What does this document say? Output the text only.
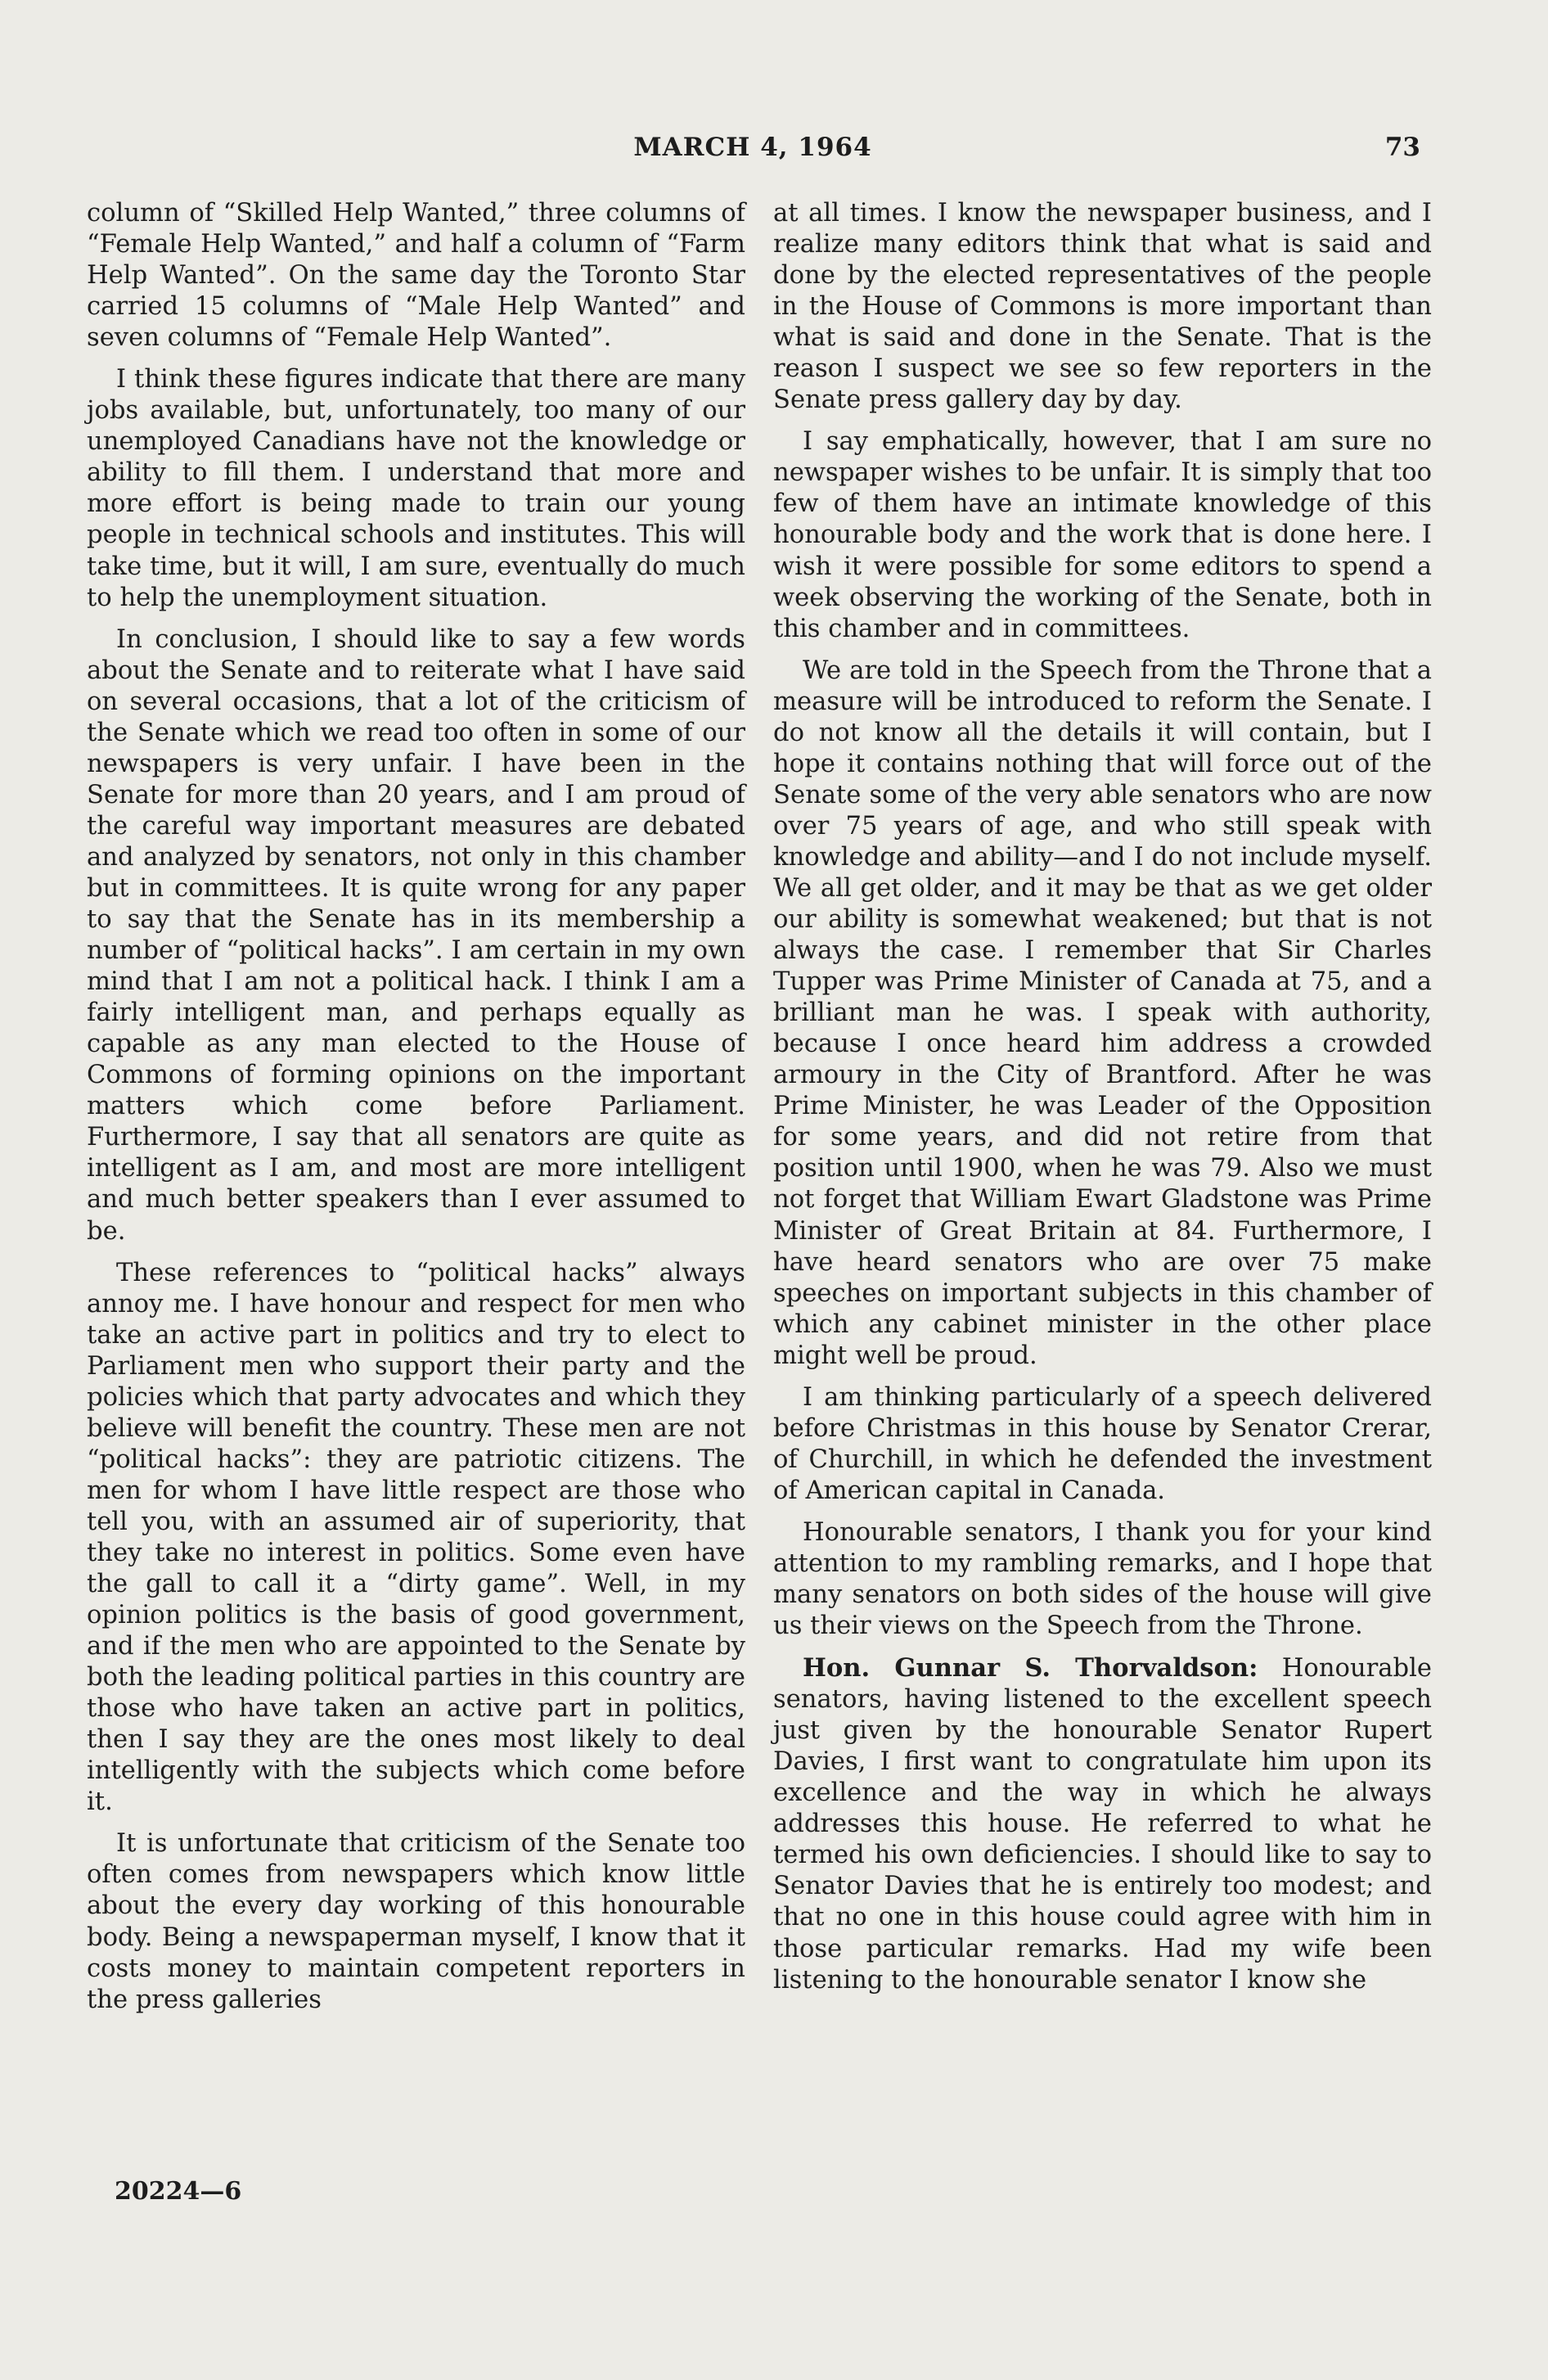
MARCH 4, 1964	73

column of “Skilled Help Wanted,” three columns of “Female Help Wanted,” and half a column of “Farm Help Wanted”. On the same day the Toronto Star carried 15 columns of “Male Help Wanted” and seven columns of “Female Help Wanted”.

I think these figures indicate that there are many jobs available, but, unfortunately, too many of our unemployed Canadians have not the knowledge or ability to fill them. I understand that more and more effort is being made to train our young people in technical schools and institutes. This will take time, but it will, I am sure, eventually do much to help the unemployment situation.

In conclusion, I should like to say a few words about the Senate and to reiterate what I have said on several occasions, that a lot of the criticism of the Senate which we read too often in some of our newspapers is very unfair. I have been in the Senate for more than 20 years, and I am proud of the careful way important measures are debated and analyzed by senators, not only in this chamber but in committees. It is quite wrong for any paper to say that the Senate has in its membership a number of “political hacks”. I am certain in my own mind that I am not a political hack. I think I am a fairly intelligent man, and perhaps equally as capable as any man elected to the House of Commons of forming opinions on the important matters which come before Parliament. Furthermore, I say that all senators are quite as intelligent as I am, and most are more intelligent and much better speakers than I ever assumed to be.

These references to “political hacks” always annoy me. I have honour and respect for men who take an active part in politics and try to elect to Parliament men who support their party and the policies which that party advocates and which they believe will benefit the country. These men are not “political hacks”: they are patriotic citizens. The men for whom I have little respect are those who tell you, with an assumed air of superiority, that they take no interest in politics. Some even have the gall to call it a “dirty game”. Well, in my opinion politics is the basis of good government, and if the men who are appointed to the Senate by both the leading political parties in this country are those who have taken an active part in politics, then I say they are the ones most likely to deal intelligently with the subjects which come before it.

It is unfortunate that criticism of the Senate too often comes from newspapers which know little about the every day working of this honourable body. Being a newspaperman myself, I know that it costs money to maintain competent reporters in the press galleries

at all times. I know the newspaper business, and I realize many editors think that what is said and done by the elected representatives of the people in the House of Commons is more important than what is said and done in the Senate. That is the reason I suspect we see so few reporters in the Senate press gallery day by day.

I say emphatically, however, that I am sure no newspaper wishes to be unfair. It is simply that too few of them have an intimate knowledge of this honourable body and the work that is done here. I wish it were possible for some editors to spend a week observing the working of the Senate, both in this chamber and in committees.

We are told in the Speech from the Throne that a measure will be introduced to reform the Senate. I do not know all the details it will contain, but I hope it contains nothing that will force out of the Senate some of the very able senators who are now over 75 years of age, and who still speak with knowledge and ability—and I do not include myself. We all get older, and it may be that as we get older our ability is somewhat weakened; but that is not always the case. I remember that Sir Charles Tupper was Prime Minister of Canada at 75, and a brilliant man he was. I speak with authority, because I once heard him address a crowded armoury in the City of Brantford. After he was Prime Minister, he was Leader of the Opposition for some years, and did not retire from that position until 1900, when he was 79. Also we must not forget that William Ewart Gladstone was Prime Minister of Great Britain at 84. Furthermore, I have heard senators who are over 75 make speeches on important subjects in this chamber of which any cabinet minister in the other place might well be proud.

I am thinking particularly of a speech delivered before Christmas in this house by Senator Crerar, of Churchill, in which he defended the investment of American capital in Canada.

Honourable senators, I thank you for your kind attention to my rambling remarks, and I hope that many senators on both sides of the house will give us their views on the Speech from the Throne.

Hon. Gunnar S. Thorvaldson: Honourable senators, having listened to the excellent speech just given by the honourable Senator Rupert Davies, I first want to congratulate him upon its excellence and the way in which he always addresses this house. He referred to what he termed his own deficiencies. I should like to say to Senator Davies that he is entirely too modest; and that no one in this house could agree with him in those particular remarks. Had my wife been listening to the honourable senator I know she

20224—6
